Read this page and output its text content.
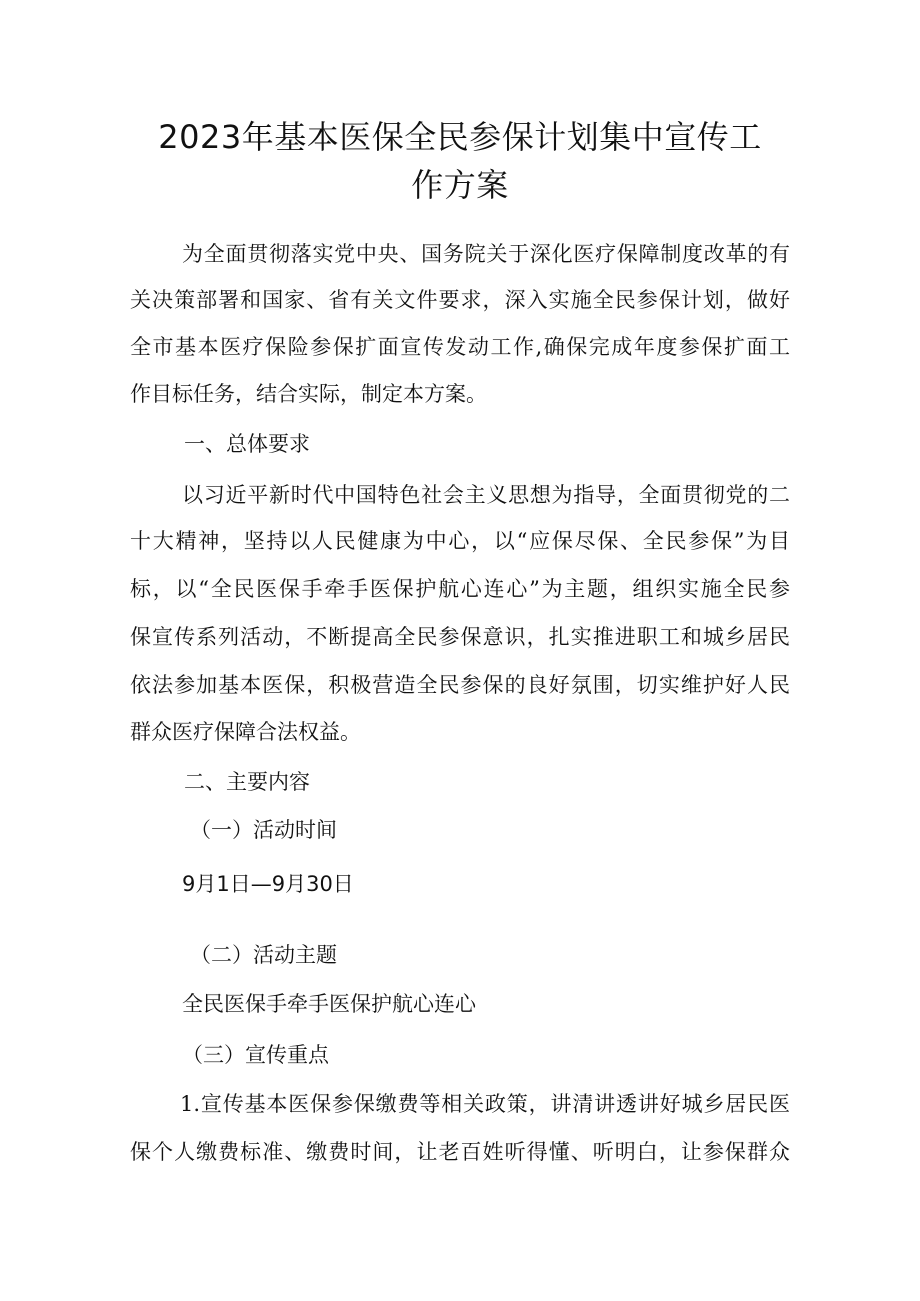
2023年基本医保全民参保计划集中宣传工
作方案

为全面贯彻落实党中央、国务院关于深化医疗保障制度改革的有

关决策部署和国家、省有关文件要求，深入实施全民参保计划，做好

全市基本医疗保险参保扩面宣传发动工作,确保完成年度参保扩面工

作目标任务，结合实际，制定本方案。

一、总体要求

以习近平新时代中国特色社会主义思想为指导，全面贯彻党的二

十大精神，坚持以人民健康为中心，以“应保尽保、全民参保”为目

标，以“全民医保手牵手医保护航心连心”为主题，组织实施全民参

保宣传系列活动，不断提高全民参保意识，扎实推进职工和城乡居民

依法参加基本医保，积极营造全民参保的良好氛围，切实维护好人民

群众医疗保障合法权益。

二、主要内容

（一）活动时间

9月1日—9月30日

（二）活动主题

全民医保手牵手医保护航心连心

（三）宣传重点

1.宣传基本医保参保缴费等相关政策，讲清讲透讲好城乡居民医

保个人缴费标准、缴费时间，让老百姓听得懂、听明白，让参保群众
